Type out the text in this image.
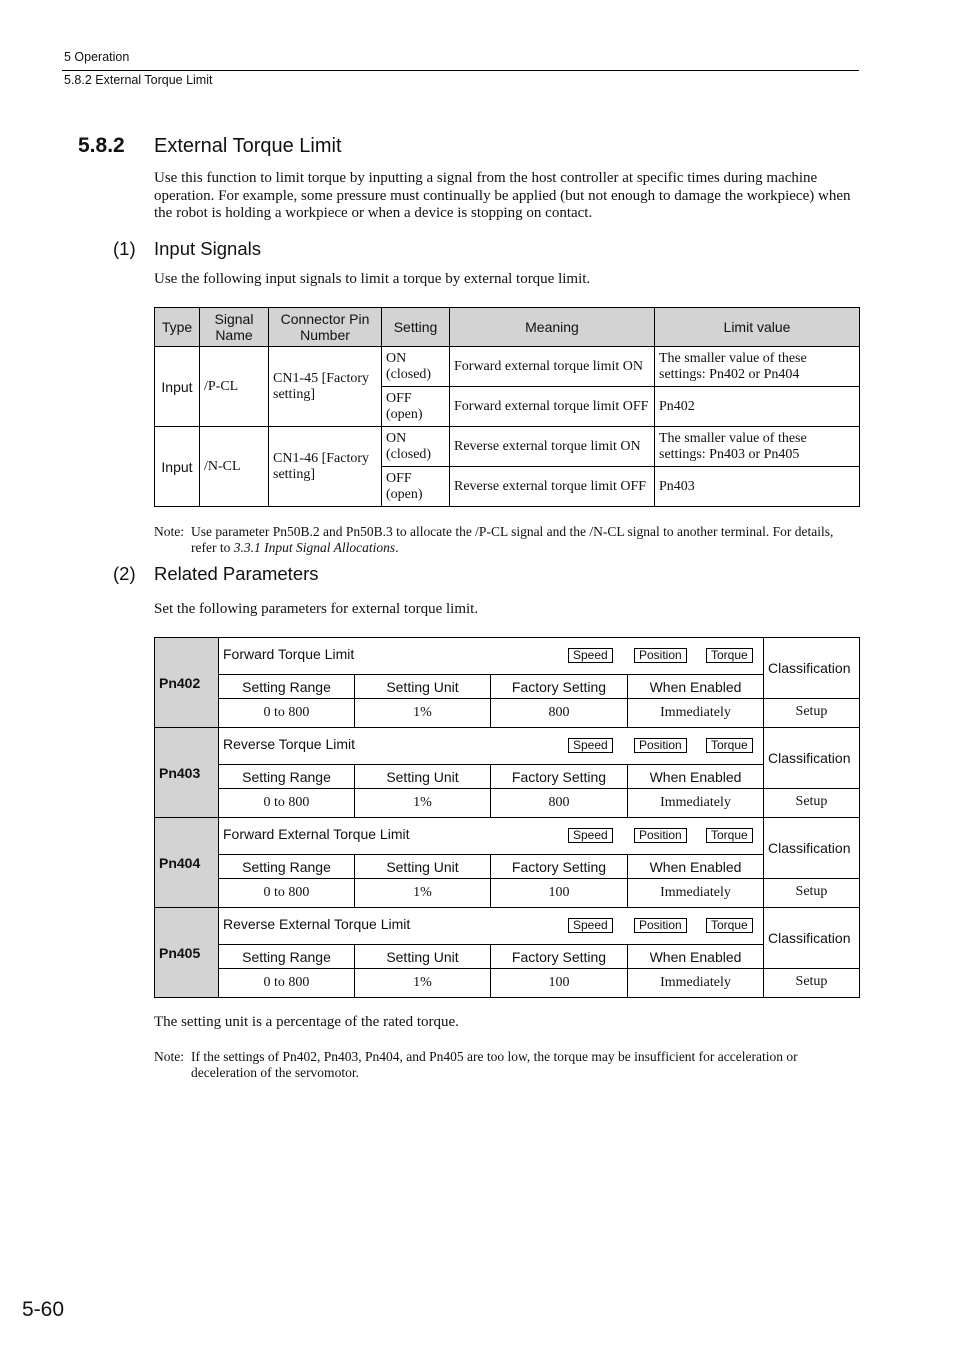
5 Operation
5.8.2 External Torque Limit
5.8.2 External Torque Limit
Use this function to limit torque by inputting a signal from the host controller at specific times during machine operation. For example, some pressure must continually be applied (but not enough to damage the workpiece) when the robot is holding a workpiece or when a device is stopping on contact.
(1) Input Signals
Use the following input signals to limit a torque by external torque limit.
Type	Signal Name	Connector Pin Number	Setting	Meaning	Limit value
Input	/P-CL	CN1-45 [Factory setting]	ON (closed)	Forward external torque limit ON	The smaller value of these settings: Pn402 or Pn404
			OFF (open)	Forward external torque limit OFF	Pn402
Input	/N-CL	CN1-46 [Factory setting]	ON (closed)	Reverse external torque limit ON	The smaller value of these settings: Pn403 or Pn405
			OFF (open)	Reverse external torque limit OFF	Pn403
Note: Use parameter Pn50B.2 and Pn50B.3 to allocate the /P-CL signal and the /N-CL signal to another terminal. For details, refer to 3.3.1 Input Signal Allocations.
(2) Related Parameters
Set the following parameters for external torque limit.
Pn402	Forward Torque Limit Speed Position Torque				Classification
	Setting Range	Setting Unit	Factory Setting	When Enabled	
	0 to 800	1%	800	Immediately	Setup
Pn403	Reverse Torque Limit Speed Position Torque				Classification
	Setting Range	Setting Unit	Factory Setting	When Enabled	
	0 to 800	1%	800	Immediately	Setup
Pn404	Forward External Torque Limit Speed Position Torque				Classification
	Setting Range	Setting Unit	Factory Setting	When Enabled	
	0 to 800	1%	100	Immediately	Setup
Pn405	Reverse External Torque Limit Speed Position Torque				Classification
	Setting Range	Setting Unit	Factory Setting	When Enabled	
	0 to 800	1%	100	Immediately	Setup
The setting unit is a percentage of the rated torque.
Note: If the settings of Pn402, Pn403, Pn404, and Pn405 are too low, the torque may be insufficient for acceleration or deceleration of the servomotor.
5-60
